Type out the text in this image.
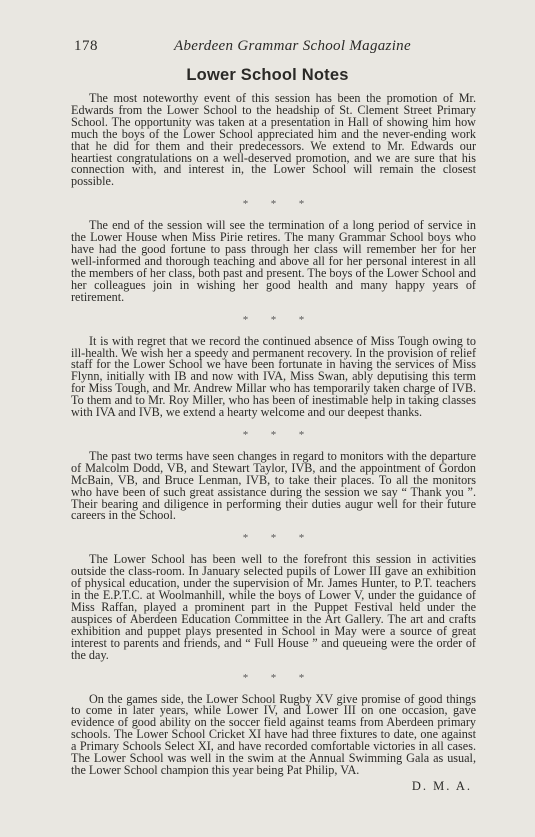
178	Aberdeen Grammar School Magazine
Lower School Notes

The most noteworthy event of this session has been the promotion of Mr. Edwards from the Lower School to the headship of St. Clement Street Primary School. The opportunity was taken at a presentation in Hall of showing him how much the boys of the Lower School appreciated him and the never-ending work that he did for them and their predecessors. We extend to Mr. Edwards our heartiest congratulations on a well-deserved promotion, and we are sure that his connection with, and interest in, the Lower School will remain the closest possible.

* * *

The end of the session will see the termination of a long period of service in the Lower House when Miss Pirie retires. The many Grammar School boys who have had the good fortune to pass through her class will remember her for her well-informed and thorough teaching and above all for her personal interest in all the members of her class, both past and present. The boys of the Lower School and her colleagues join in wishing her good health and many happy years of retirement.

* * *

It is with regret that we record the continued absence of Miss Tough owing to ill-health. We wish her a speedy and permanent recovery. In the provision of relief staff for the Lower School we have been fortunate in having the services of Miss Flynn, initially with IB and now with IVA, Miss Swan, ably deputising this term for Miss Tough, and Mr. Andrew Millar who has temporarily taken charge of IVB. To them and to Mr. Roy Miller, who has been of inestimable help in taking classes with IVA and IVB, we extend a hearty welcome and our deepest thanks.

* * *

The past two terms have seen changes in regard to monitors with the departure of Malcolm Dodd, VB, and Stewart Taylor, IVB, and the appointment of Gordon McBain, VB, and Bruce Lenman, IVB, to take their places. To all the monitors who have been of such great assistance during the session we say “ Thank you ”. Their bearing and diligence in performing their duties augur well for their future careers in the School.

* * *

The Lower School has been well to the forefront this session in activities outside the class-room. In January selected pupils of Lower III gave an exhibition of physical education, under the supervision of Mr. James Hunter, to P.T. teachers in the E.P.T.C. at Woolmanhill, while the boys of Lower V, under the guidance of Miss Raffan, played a prominent part in the Puppet Festival held under the auspices of Aberdeen Education Committee in the Art Gallery. The art and crafts exhibition and puppet plays presented in School in May were a source of great interest to parents and friends, and “ Full House ” and queueing were the order of the day.

* * *

On the games side, the Lower School Rugby XV give promise of good things to come in later years, while Lower IV, and Lower III on one occasion, gave evidence of good ability on the soccer field against teams from Aberdeen primary schools. The Lower School Cricket XI have had three fixtures to date, one against a Primary Schools Select XI, and have recorded comfortable victories in all cases. The Lower School was well in the swim at the Annual Swimming Gala as usual, the Lower School champion this year being Pat Philip, VA.

D. M. A.
